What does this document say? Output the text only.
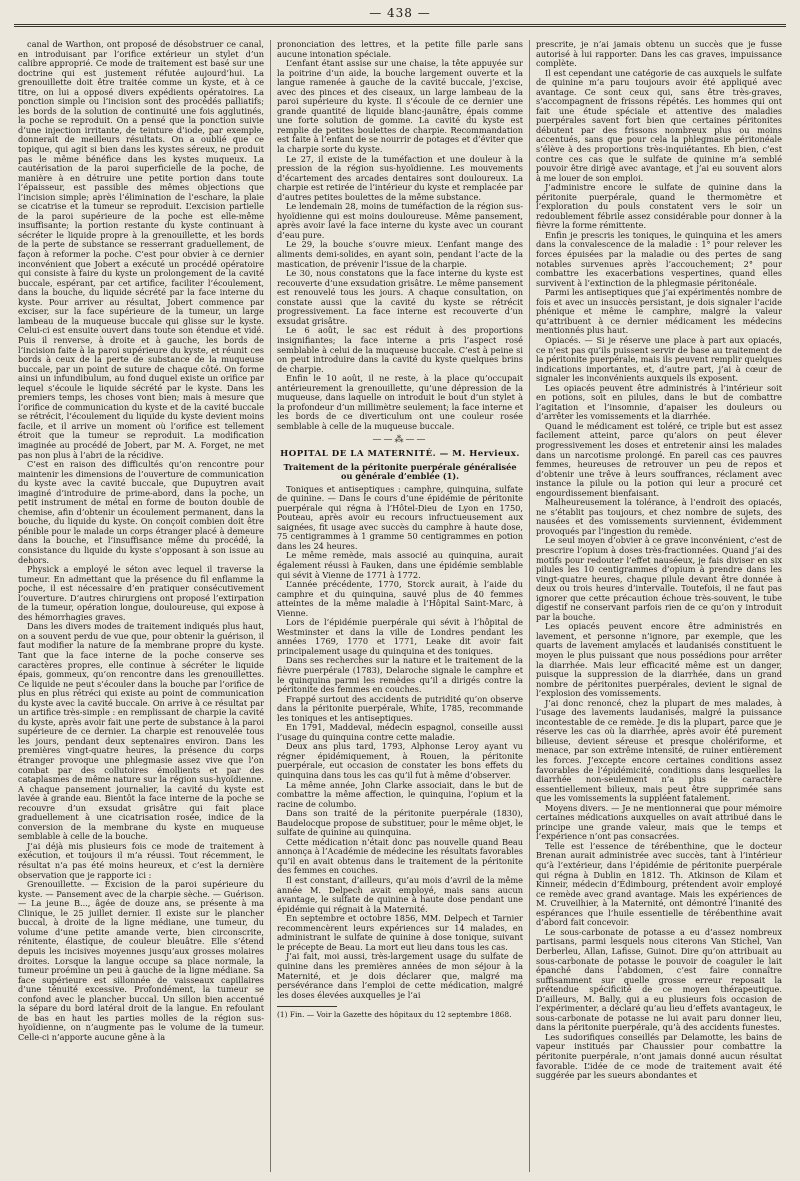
— 438 —

canal de Warthon, ont proposé de désobstruer ce canal, en introduisant par l’orifice extérieur un stylet d’un calibre approprié. Ce mode de traitement est basé sur une doctrine qui est justement réfutée aujourd’hui. La grenouillette doit être traitée comme un kyste, et à ce titre, on lui a opposé divers expédients opératoires. La ponction simple ou l’incision sont des procédés palliatifs; les bords de la solution de continuité une fois agglutinés, la poche se reproduit. On a pensé que la ponction suivie d’une injection irritante, de teinture d’iode, par exemple, donnerait de meilleurs résultats. On a oublié que ce topique, qui agit si bien dans les kystes séreux, ne produit pas le même bénéfice dans les kystes muqueux. La cautérisation de la paroi superficielle de la poche, de manière à en détruire une petite portion dans toute l’épaisseur, est passible des mêmes objections que l’incision simple; après l’élimination de l’eschare, la plaie se cicatrise et la tumeur se reproduit. L’excision partielle de la paroi supérieure de la poche est elle-même insuffisante; la portion restante du kyste continuant à sécréter le liquide propre à la grenouillette, et les bords de la perte de substance se resserrant graduellement, de façon à reformer la poche. C’est pour obvier à ce dernier inconvénient que Jobert a exécuté un procédé opératoire qui consiste à faire du kyste un prolongement de la cavité buccale, espérant, par cet artifice, faciliter l’écoulement, dans la bouche, du liquide sécrété par la face interne du kyste. Pour arriver au résultat, Jobert commence par exciser, sur la face supérieure de la tumeur, un large lambeau de la muqueuse buccale qui glisse sur le kyste. Celui-ci est ensuite ouvert dans toute son étendue et vidé. Puis il renverse, à droite et à gauche, les bords de l’incision faite à la paroi supérieure du kyste, et réunit ces bords à ceux de la perte de substance de la muqueuse buccale, par un point de suture de chaque côté. On forme ainsi un infundibulum, au fond duquel existe un orifice par lequel s’écoule le liquide sécrété par le kyste. Dans les premiers temps, les choses vont bien; mais à mesure que l’orifice de communication du kyste et de la cavité buccale se rétrécit, l’écoulement du liquide du kyste devient moins facile, et il arrive un moment où l’orifice est tellement étroit que la tumeur se reproduit. La modification imaginée au procédé de Jobert, par M. A. Forget, ne met pas non plus à l’abri de la récidive.

C’est en raison des difficultés qu’on rencontre pour maintenir les dimensions de l’ouverture de communication du kyste avec la cavité buccale, que Dupuytren avait imaginé d’introduire de prime-abord, dans la poche, un petit instrument de métal en forme de bouton double de chemise, afin d’obtenir un écoulement permanent, dans la bouche, du liquide du kyste. On conçoit combien doit être pénible pour le malade un corps étranger placé à demeure dans la bouche, et l’insuffisance même du procédé, la consistance du liquide du kyste s’opposant à son issue au dehors.

Physick a employé le séton avec lequel il traverse la tumeur. En admettant que la présence du fil enflamme la poche, il est nécessaire d’en pratiquer consécutivement l’ouverture. D’autres chirurgiens ont proposé l’extirpation de la tumeur, opération longue, douloureuse, qui expose à des hémorrhagies graves.

Dans les divers modes de traitement indiqués plus haut, on a souvent perdu de vue que, pour obtenir la guérison, il faut modifier la nature de la membrane propre du kyste. Tant que la face interne de la poche conserve ses caractères propres, elle continue à sécréter le liquide épais, gommeux, qu’on rencontre dans les grenouillettes. Ce liquide ne peut s’écouler dans la bouche par l’orifice de plus en plus rétréci qui existe au point de communication du kyste avec la cavité buccale. On arrive à ce résultat par un artifice très-simple : en remplissant de charpie la cavité du kyste, après avoir fait une perte de substance à la paroi supérieure de ce dernier. La charpie est renouvelée tous les jours, pendant deux septenaires environ. Dans les premières vingt-quatre heures, la présence du corps étranger provoque une phlegmasie assez vive que l’on combat par des collutoires émollients et par des cataplasmes de même nature sur la région sus-hyoïdienne. A chaque pansement journalier, la cavité du kyste est lavée à grande eau. Bientôt la face interne de la poche se recouvre d’un exsudat grisâtre qui fait place graduellement à une cicatrisation rosée, indice de la conversion de la membrane du kyste en muqueuse semblable à celle de la bouche.

J’ai déjà mis plusieurs fois ce mode de traitement à exécution, et toujours il m’a réussi. Tout récemment, le résultat n’a pas été moins heureux, et c’est la dernière observation que je rapporte ici :

Grenouillette. — Excision de la paroi supérieure du kyste. — Pansement avec de la charpie sèche. — Guérison. — La jeune B..., âgée de douze ans, se présente à ma Clinique, le 25 juillet dernier. Il existe sur le plancher buccal, à droite de la ligne médiane, une tumeur, du volume d’une petite amande verte, bien circonscrite, rénitente, élastique, de couleur bleuâtre. Elle s’étend depuis les incisives moyennes jusqu’aux grosses molaires droites. Lorsque la langue occupe sa place normale, la tumeur proémine un peu à gauche de la ligne médiane. Sa face supérieure est sillonnée de vaisseaux capillaires d’une ténuité excessive. Profondément, la tumeur se confond avec le plancher buccal. Un sillon bien accentué la sépare du bord latéral droit de la langue. En refoulant de bas en haut les parties molles de la région sus-hyoïdienne, on n’augmente pas le volume de la tumeur. Celle-ci n’apporte aucune gêne à la

prononciation des lettres, et la petite fille parle sans aucune intonation spéciale.

L’enfant étant assise sur une chaise, la tête appuyée sur la poitrine d’un aide, la bouche largement ouverte et la langue ramenée à gauche de la cavité buccale, j’excise, avec des pinces et des ciseaux, un large lambeau de la paroi supérieure du kyste. Il s’écoule de ce dernier une grande quantité de liquide blanc-jaunâtre, épais comme une forte solution de gomme. La cavité du kyste est remplie de petites boulettes de charpie. Recommandation est faite à l’enfant de se nourrir de potages et d’éviter que la charpie sorte du kyste.

Le 27, il existe de la tuméfaction et une douleur à la pression de la région sus-hyoïdienne. Les mouvements d’écartement des arcades dentaires sont douloureux. La charpie est retirée de l’intérieur du kyste et remplacée par d’autres petites boulettes de la même substance.

Le lendemain 28, moins de tuméfaction de la région sus-hyoïdienne qui est moins douloureuse. Même pansement, après avoir lavé la face interne du kyste avec un courant d’eau pure.

Le 29, la bouche s’ouvre mieux. L’enfant mange des aliments demi-solides, en ayant soin, pendant l’acte de la mastication, de prévenir l’issue de la charpie.

Le 30, nous constatons que la face interne du kyste est recouverte d’une exsudation grisâtre. Le même pansement est renouvelé tous les jours. A chaque consultation, on constate aussi que la cavité du kyste se rétrécit progressivement. La face interne est recouverte d’un exsudat grisâtre.

Le 6 août, le sac est réduit à des proportions insignifiantes; la face interne a pris l’aspect rosé semblable à celui de la muqueuse buccale. C’est à peine si on peut introduire dans la cavité du kyste quelques brins de charpie.

Enfin le 10 août, il ne reste, à la place qu’occupait antérieurement la grenouillette, qu’une dépression de la muqueuse, dans laquelle on introduit le bout d’un stylet à la profondeur d’un millimètre seulement; la face interne et les bords de ce diverticulum ont une couleur rosée semblable à celle de la muqueuse buccale.

——⁂——
HOPITAL DE LA MATERNITÉ. — M. Hervieux.
Traitement de la péritonite puerpérale généralisée ou générale d’emblée (1).

Toniques et antiseptiques : camphre, quinquina, sulfate de quinine. — Dans le cours d’une épidémie de péritonite puerpérale qui régna à l’Hôtel-Dieu de Lyon en 1750, Pouteau, après avoir eu recours infructueusement aux saignées, fit usage avec succès du camphre à haute dose, 75 centigrammes à 1 gramme 50 centigrammes en potion dans les 24 heures.

Le même remède, mais associé au quinquina, aurait également réussi à Fauken, dans une épidémie semblable qui sévit à Vienne de 1771 à 1772.

L’année précédente, 1770, Storck aurait, à l’aide du camphre et du quinquina, sauvé plus de 40 femmes atteintes de la même maladie à l’Hôpital Saint-Marc, à Vienne.

Lors de l’épidémie puerpérale qui sévit à l’hôpital de Westminster et dans la ville de Londres pendant les années 1769, 1770 et 1771, Leake dit avoir fait principalement usage du quinquina et des toniques.

Dans ses recherches sur la nature et le traitement de la fièvre puerpérale (1783), Delaroche signale le camphre et le quinquina parmi les remèdes qu’il a dirigés contre la péritonite des femmes en couches.

Frappé surtout des accidents de putridité qu’on observe dans la péritonite puerpérale, White, 1785, recommande les toniques et les antiseptiques.

En 1791, Maddeval, médecin espagnol, conseille aussi l’usage du quinquina contre cette maladie.

Deux ans plus tard, 1793, Alphonse Leroy ayant vu régner épidémiquement, à Rouen, la péritonite puerpérale, eut occasion de constater les bons effets du quinquina dans tous les cas qu’il fut à même d’observer.

La même année, John Clarke associait, dans le but de combattre la même affection, le quinquina, l’opium et la racine de columbo.

Dans son traité de la péritonite puerpérale (1830), Baudelocque propose de substituer, pour le même objet, le sulfate de quinine au quinquina.

Cette médication n’était donc pas nouvelle quand Beau annonça à l’Académie de médecine les résultats favorables qu’il en avait obtenus dans le traitement de la péritonite des femmes en couches.

Il est constant, d’ailleurs, qu’au mois d’avril de la même année M. Delpech avait employé, mais sans aucun avantage, le sulfate de quinine à haute dose pendant une épidémie qui régnait à la Maternité.

En septembre et octobre 1856, MM. Delpech et Tarnier recommencèrent leurs expériences sur 14 malades, en administrant le sulfate de quinine à dose tonique, suivant le précepte de Beau. La mort eut lieu dans tous les cas.

J’ai fait, moi aussi, très-largement usage du sulfate de quinine dans les premières années de mon séjour à la Maternité, et je dois déclarer que, malgré ma persévérance dans l’emploi de cette médication, malgré les doses élevées auxquelles je l’ai

(1) Fin. — Voir la Gazette des hôpitaux du 12 septembre 1868.

prescrite, je n’ai jamais obtenu un succès que je fusse autorisé à lui rapporter. Dans les cas graves, impuissance complète.

Il est cependant une catégorie de cas auxquels le sulfate de quinine m’a paru toujours avoir été appliqué avec avantage. Ce sont ceux qui, sans être très-graves, s’accompagnent de frissons répétés. Les hommes qui ont fait une étude spéciale et attentive des maladies puerpérales savent fort bien que certaines péritonites débutent par des frissons nombreux plus ou moins accentués, sans que pour cela la phlegmasie péritonéale s’élève à des proportions très-inquiétantes. Eh bien, c’est contre ces cas que le sulfate de quinine m’a semblé pouvoir être dirigé avec avantage, et j’ai eu souvent alors à me louer de son emploi.

J’administre encore le sulfate de quinine dans la péritonite puerpérale, quand le thermomètre et l’exploration du pouls constatent vers le soir un redoublement fébrile assez considérable pour donner à la fièvre la forme rémittente.

Enfin je prescris les toniques, le quinquina et les amers dans la convalescence de la maladie : 1° pour relever les forces épuisées par la maladie ou des pertes de sang notables survenues après l’accouchement; 2° pour combattre les exacerbations vespertines, quand elles survivent à l’extinction de la phlegmasie péritonéale.

Parmi les antiseptiques que j’ai expérimentés nombre de fois et avec un insuccès persistant, je dois signaler l’acide phénique et même le camphre, malgré la valeur qu’attribuent à ce dernier médicament les médecins mentionnés plus haut.

Opiacés. — Si je réserve une place à part aux opiacés, ce n’est pas qu’ils puissent servir de base au traitement de la péritonite puerpérale, mais ils peuvent remplir quelques indications importantes, et, d’autre part, j’ai à cœur de signaler les inconvénients auxquels ils exposent.

Les opiacés peuvent être administrés à l’intérieur soit en potions, soit en pilules, dans le but de combattre l’agitation et l’insomnie, d’apaiser les douleurs ou d’arrêter les vomissements et la diarrhée.

Quand le médicament est toléré, ce triple but est assez facilement atteint, parce qu’alors on peut élever progressivement les doses et entretenir ainsi les malades dans un narcotisme prolongé. En pareil cas ces pauvres femmes, heureuses de retrouver un peu de repos et d’obtenir une trêve à leurs souffrances, réclament avec instance la pilule ou la potion qui leur a procuré cet engourdissement bienfaisant.

Malheureusement la tolérance, à l’endroit des opiacés, ne s’établit pas toujours, et chez nombre de sujets, des nausées et des vomissements surviennent, évidemment provoqués par l’ingestion du remède.

Le seul moyen d’obvier à ce grave inconvénient, c’est de prescrire l’opium à doses très-fractionnées. Quand j’ai des motifs pour redouter l’effet nauséeux, je fais diviser en six pilules les 10 centigrammes d’opium à prendre dans les vingt-quatre heures, chaque pilule devant être donnée à deux ou trois heures d’intervalle. Toutefois, il ne faut pas ignorer que cette précaution échoue très-souvent, le tube digestif ne conservant parfois rien de ce qu’on y introduit par la bouche.

Les opiacés peuvent encore être administrés en lavement, et personne n’ignore, par exemple, que les quarts de lavement amylacés et laudanisés constituent le moyen le plus puissant que nous possédions pour arrêter la diarrhée. Mais leur efficacité même est un danger, puisque la suppression de la diarrhée, dans un grand nombre de péritonites puerpérales, devient le signal de l’explosion des vomissements.

J’ai donc renoncé, chez la plupart de mes malades, à l’usage des lavements laudanisés, malgré la puissance incontestable de ce remède. Je dis la plupart, parce que je réserve les cas où la diarrhée, après avoir été purement bilieuse, devient séreuse et presque cholériforme, et menace, par son extrême intensité, de ruiner entièrement les forces. J’excepte encore certaines conditions assez favorables de l’épidémicité, conditions dans lesquelles la diarrhée non-seulement n’a plus le caractère essentiellement bilieux, mais peut être supprimée sans que les vomissements la suppléent fatalement.

Moyens divers. — Je ne mentionnerai que pour mémoire certaines médications auxquelles on avait attribué dans le principe une grande valeur, mais que le temps et l’expérience n’ont pas consacrées.

Telle est l’essence de térébenthine, que le docteur Brenan aurait administrée avec succès, tant à l’intérieur qu’à l’extérieur, dans l’épidémie de péritonite puerpérale qui régna à Dublin en 1812. Th. Atkinson de Kilam et Kinneir, médecin d’Édimbourg, prétendent avoir employé ce remède avec grand avantage. Mais les expériences de M. Cruveilhier, à la Maternité, ont démontré l’inanité des espérances que l’huile essentielle de térébenthine avait d’abord fait concevoir.

Le sous-carbonate de potasse a eu d’assez nombreux partisans, parmi lesquels nous citerons Van Stichel, Van Derberleu, Allan, Lafisse, Guinot. Dire qu’on attribuait au sous-carbonate de potasse le pouvoir de coaguler le lait épanché dans l’abdomen, c’est faire connaître suffisamment sur quelle grosse erreur reposait la prétendue spécificité de ce moyen thérapeutique. D’ailleurs, M. Bally, qui a eu plusieurs fois occasion de l’expérimenter, a déclaré qu’au lieu d’effets avantageux, le sous-carbonate de potasse ne lui avait paru donner lieu, dans la péritonite puerpérale, qu’à des accidents funestes.

Les sudorifiques conseillés par Delamotte, les bains de vapeur institués par Chaussier pour combattre la péritonite puerpérale, n’ont jamais donné aucun résultat favorable. L’idée de ce mode de traitement avait été suggérée par les sueurs abondantes et
